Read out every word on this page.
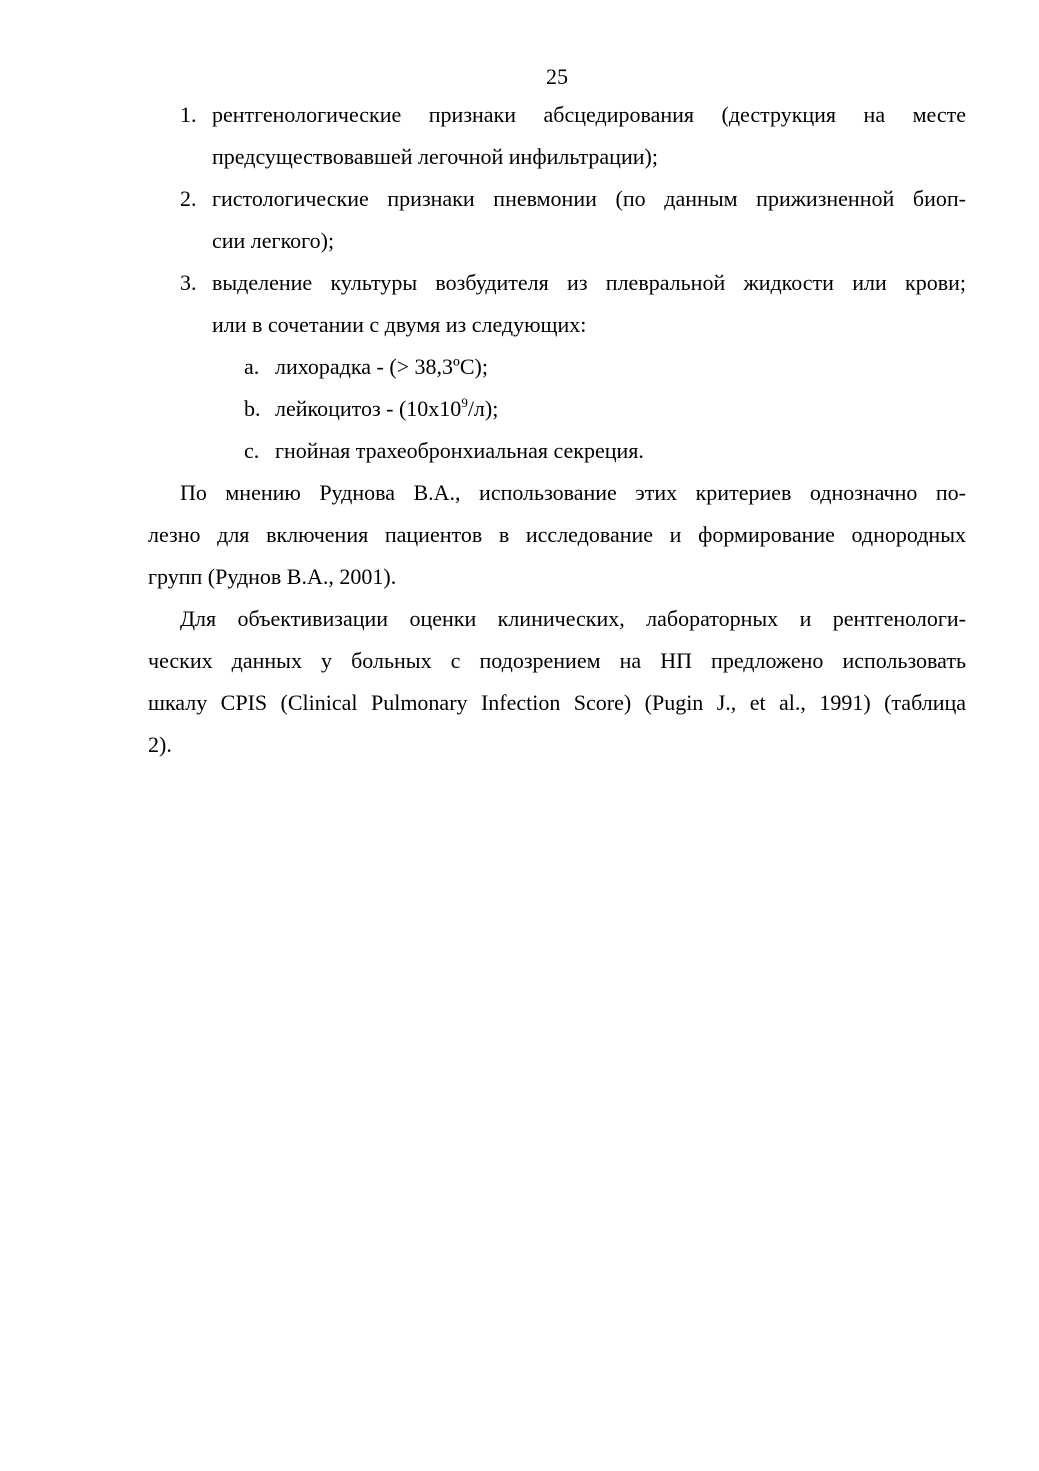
25
1. рентгенологические признаки абсцедирования (деструкция на месте
предсуществовавшей легочной инфильтрации);
2. гистологические признаки пневмонии (по данным прижизненной биоп-
сии легкого);
3. выделение культуры возбудителя из плевральной жидкости или крови;
или в сочетании с двумя из следующих:
a. лихорадка - (> 38,3ºС);
b. лейкоцитоз - $(10х10^9/л)$;
c. гнойная трахеобронхиальная секреция.
По мнению Руднова В.А., использование этих критериев однозначно по-
лезно для включения пациентов в исследование и формирование однородных
групп (Руднов В.А., 2001).
Для объективизации оценки клинических, лабораторных и рентгенологи-
ческих данных у больных с подозрением на НП предложено использовать
шкалу CPIS (Clinical Pulmonary Infection Score) (Pugin J., et al., 1991) (таблица
2).
